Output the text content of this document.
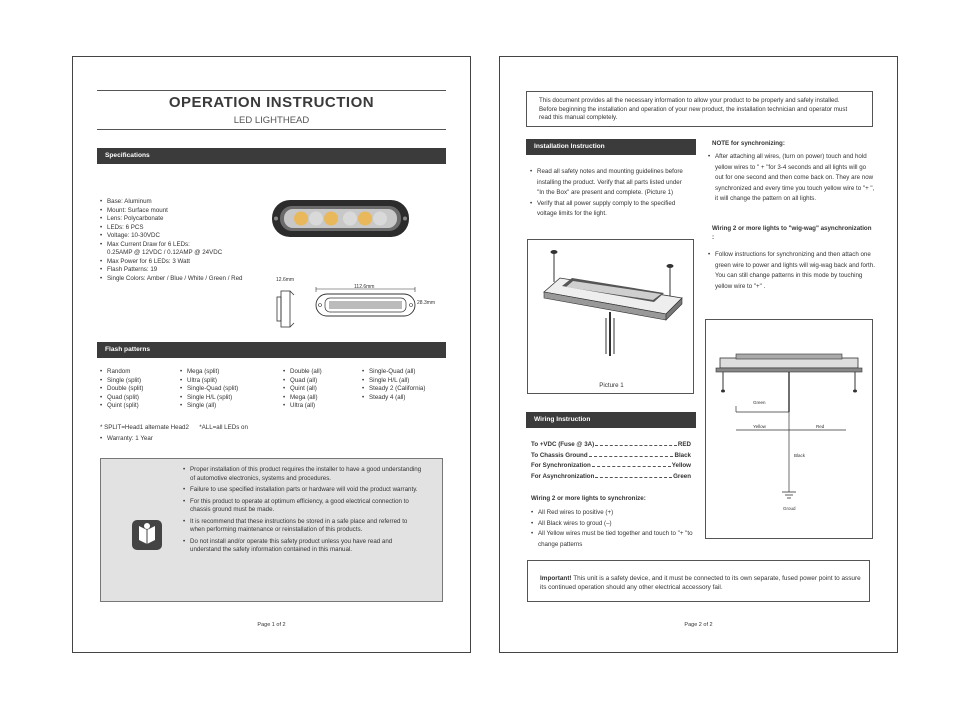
OPERATION INSTRUCTION
LED LIGHTHEAD
Specifications
• Base: Aluminum
• Mount: Surface mount
• Lens: Polycarbonate
• LEDs: 6 PCS
• Voltage: 10-30VDC
• Max Current Draw for 6 LEDs:
0.25AMP @ 12VDC / 0.12AMP @ 24VDC
• Max Power for 6 LEDs: 3 Watt
• Flash Patterns: 19
• Single Colors: Amber / Blue / White / Green / Red	12.6mm
112.6mm
28.3mm
Flash patterns
• Random
• Single (split)
• Double (split)
• Quad (split)
• Quint (split)
• Mega (split)
• Ultra (split)
• Single-Quad (split)
• Single H/L (split)
• Single (all)
• Double (all)
• Quad (all)
• Quint (all)
• Mega (all)
• Ultra (all)
• Single-Quad (all)
• Single H/L (all)
• Steady 2 (California)
• Steady 4 (all)
* SPLIT=Head1 alternate Head2      *ALL=all LEDs on
• Warranty: 1 Year
• Proper installation of this product requires the installer to have a good understanding of automotive electronics, systems and procedures.
• Failure to use specified installation parts or hardware will void the product warranty.
• For this product to operate at optimum efficiency, a good electrical connection to chassis ground must be made.
• It is recommend that these instructions be stored in a safe place and referred to when performing maintenance or reinstallation of this products.
• Do not install and/or operate this safety product unless you have read and understand the safety information contained in this manual.
Page 1 of 2
This document provides all the necessary information to allow your product to be properly and safely installed. Before beginning the installation and operation of your new product, the installation technician and operator must read this manual completely.
Installation Instruction
• Read all safety notes and mounting guidelines before installing the product. Verify that all parts listed under "In the Box" are present and complete. (Picture 1)
• Verify that all power supply comply to the specified voltage limits for the light.
Picture 1
Wiring Instruction
To +VDC (Fuse @ 3A)	RED
To Chassis Ground	Black
For Synchronization	Yellow
For Asynchronization	Green
Wiring 2 or more lights to synchronize:
• All Red wires to positive (+)
• All Black wires to groud (–)
• All Yellow wires must be tied together and touch to "+ "to change patterns
NOTE for synchronizing:
• After attaching all wires, (turn on power) touch and hold yellow wires to " + "for 3-4 seconds and all lights will go out for one second and then come back on. They are now synchronized and every time you touch yellow wire to "+ ", it will change the pattern on all lights.
Wiring 2 or more lights to "wig-wag" asynchronization :
• Follow instructions for synchronizing and then attach one green wire to power and lights will wig-wag back and forth. You can still change patterns in this mode by touching yellow wire to "+" .
Green
Yellow	Red
Black
Groud
Important! This unit is a safety device, and it must be connected to its own separate, fused power point to assure its continued operation should any other electrical accessory fail.
Page 2 of 2
